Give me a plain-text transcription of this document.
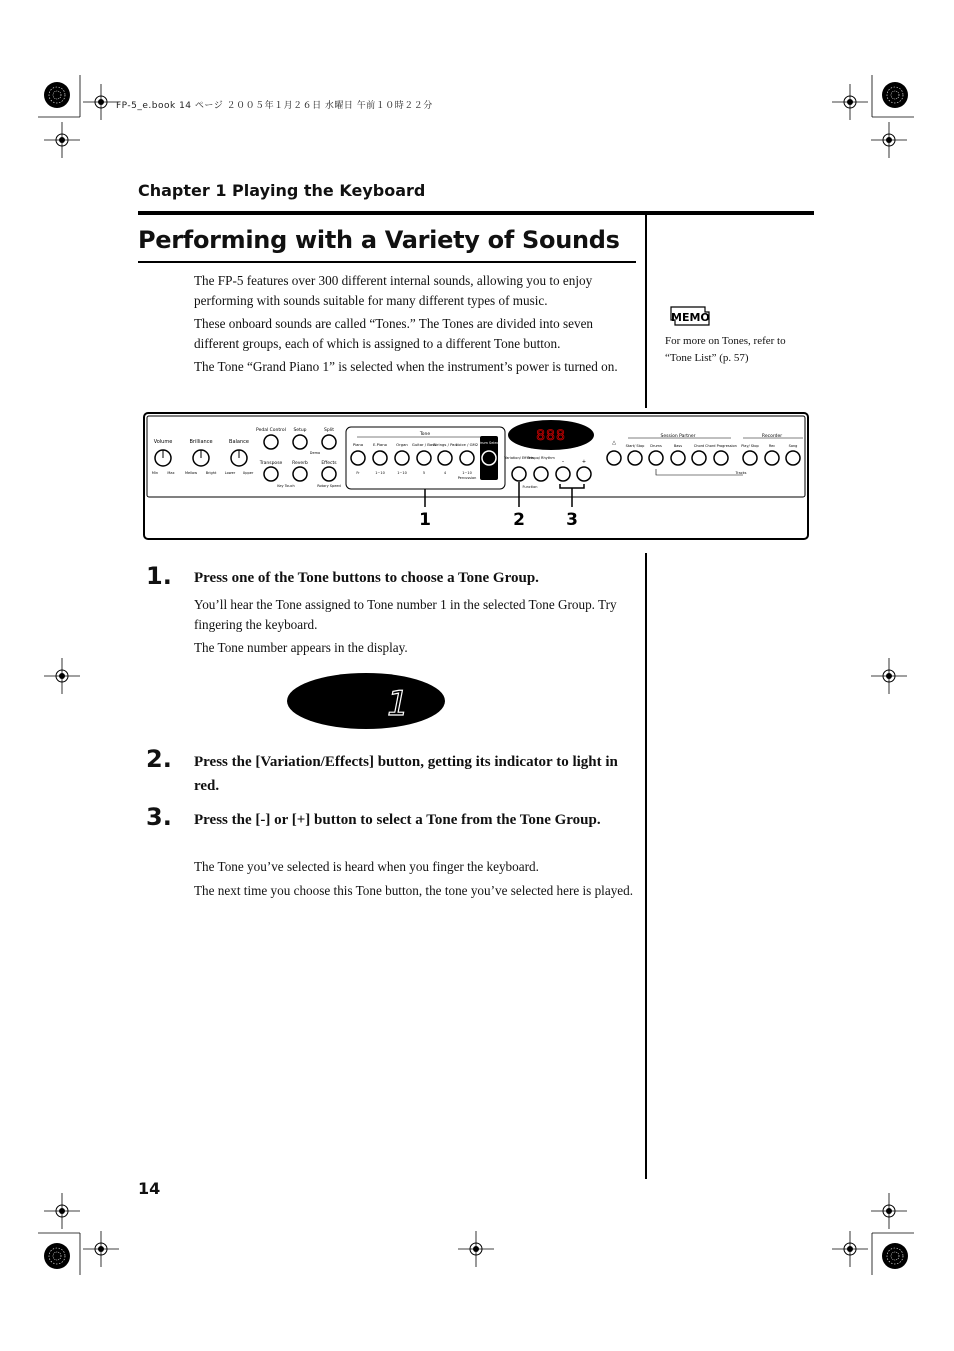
FP-5_e.book 14 ページ ２００５年１月２６日 水曜日 午前１０時２２分
Chapter 1 Playing the Keyboard
Performing with a Variety of Sounds
The FP-5 features over 300 different internal sounds, allowing you to enjoy performing with sounds suitable for many different types of music.
These onboard sounds are called “Tones.” The Tones are divided into seven different groups, each of which is assigned to a different Tone button.
The Tone “Grand Piano 1” is selected when the instrument’s power is turned on.
MEMO
For more on Tones, refer to “Tone List” (p. 57)
Volume
Min	Max
Brilliance
Mellow Bright
Balance
Lower Upper
Pedal Control Setup	Split
Transpose Reverb	Effects
Demo
Key Touch	Rotary Speed
Tone
Piano	E.Piano Organ Guitar / Bass
Strings / Pad
Voice / GM2 Drum Select
Fr	1~10	1~10	5	4	1~10
Percussion
888
Variation/ Effects
Tempo/ Rhythm
–	+
Function
Session Partner
△	Start/ Stop Drums	Bass	Chord Chord Progression
Recorder
Play/ Stop	Rec	Song
Tracks
1	2 3
1. Press one of the Tone buttons to choose a Tone Group.
You’ll hear the Tone assigned to Tone number 1 in the selected Tone Group. Try fingering the keyboard.
The Tone number appears in the display.
1
2. Press the [Variation/Effects] button, getting its indicator to light in red.
3. Press the [-] or [+] button to select a Tone from the Tone Group.
The Tone you’ve selected is heard when you finger the keyboard.
The next time you choose this Tone button, the tone you’ve selected here is played.
14
